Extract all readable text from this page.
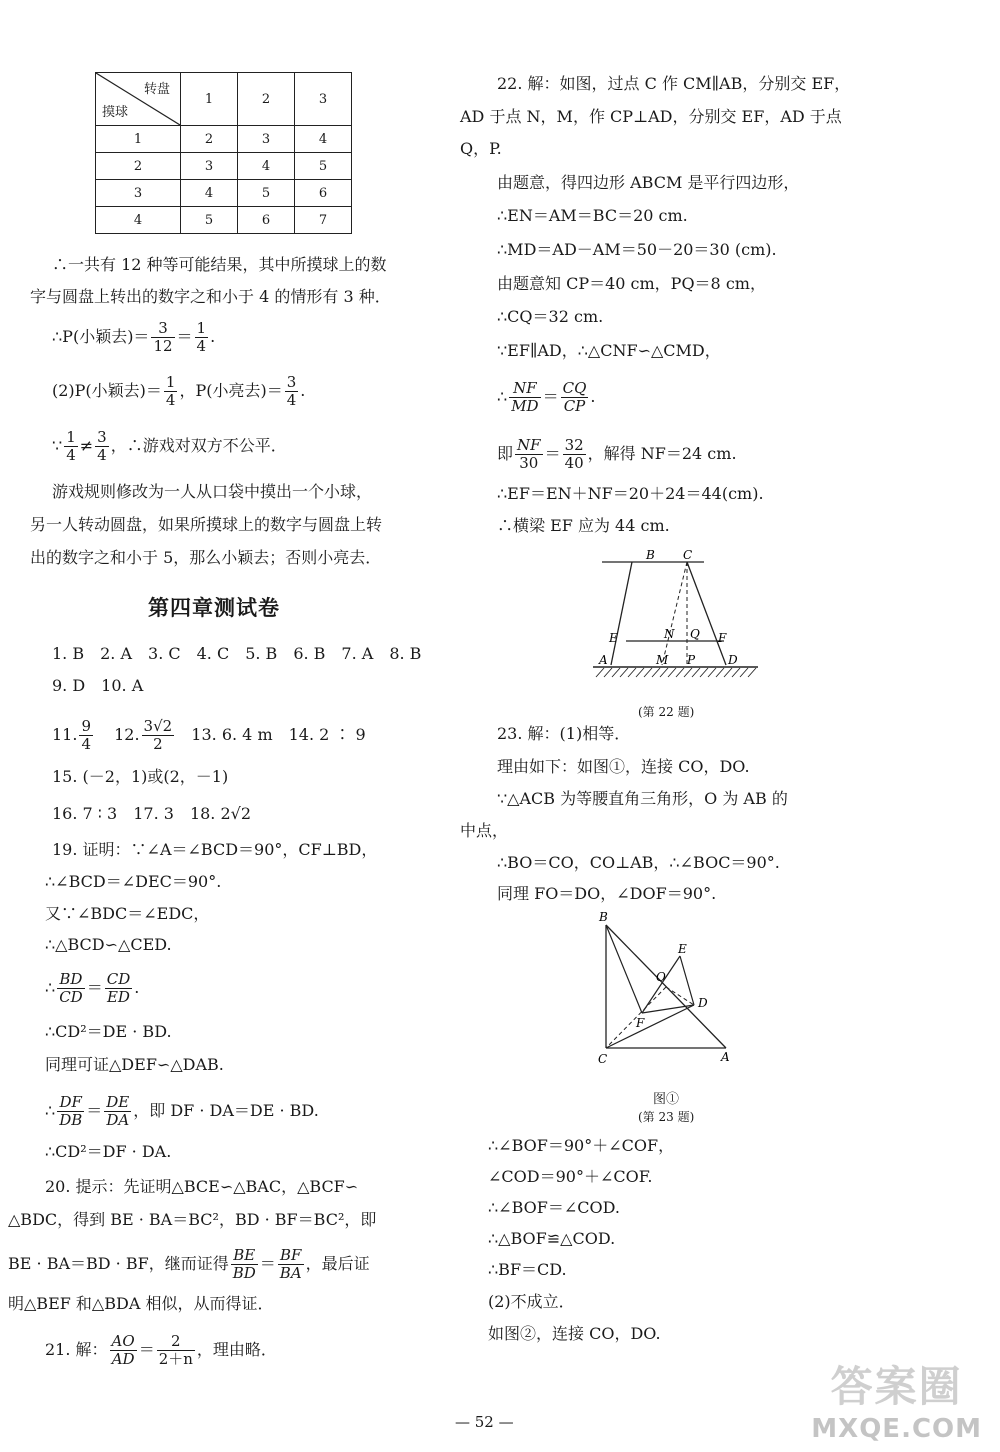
转盘
摸球	1	2	3
1	2	3	4
2	3	4	5
3	4	5	6
4	5	6	7
∴一共有 12 种等可能结果，其中所摸球上的数
字与圆盘上转出的数字之和小于 4 的情形有 3 种．
∴P(小颖去)＝ $\frac{3}{12} = \frac{1}{4}$ .
(2)P(小颖去)＝ $\frac{1}{4}$ ，P(小亮去)＝ $\frac{3}{4}$ .
∵ $\frac{1}{4} \ne \frac{3}{4}$ ，∴游戏对双方不公平．
游戏规则修改为一人从口袋中摸出一个小球，
另一人转动圆盘，如果所摸球上的数字与圆盘上转
出的数字之和小于 5，那么小颖去；否则小亮去．
第四章测试卷
1. B　2. A　3. C　4. C　5. B　6. B　7. A　8. B
9. D　10. A
11. $\frac{9}{4} 12$. $\frac{3√2}{2} 13$. 6. 4 m　14. 2 ∶ 9
15. (－2，1)或(2，－1)
16. 7 ∶ 3　17. 3　18. 2√2
19. 证明：∵∠A＝∠BCD＝90°，CF⊥BD，
∴∠BCD＝∠DEC＝90°.
又∵∠BDC＝∠EDC，
∴△BCD∽△CED.
∴ $\frac{BD}{CD} = \frac{CD}{ED}$ .
∴CD²＝DE · BD.
同理可证△DEF∽△DAB.
∴ $\frac{DF}{DB} = \frac{DE}{DA}$ ，即 DF · DA＝DE · BD.
∴CD²＝DF · DA.
20. 提示：先证明△BCE∽△BAC，△BCF∽
△BDC，得到 BE · BA＝BC²，BD · BF＝BC²，即
BE · BA＝BD · BF，继而证得 $\frac{BE}{BD} = \frac{BF}{BA}$ ，最后证
明△BEF 和△BDA 相似，从而得证．
21. 解： $\frac{AO}{AD} = \frac{2}{2+n}$ ，理由略．
22. 解：如图，过点 C 作 CM∥AB，分别交 EF，
AD 于点 N，M，作 CP⊥AD，分别交 EF，AD 于点
Q，P.
由题意，得四边形 ABCM 是平行四边形，
∴EN＝AM＝BC＝20 cm.
∴MD＝AD－AM＝50－20＝30 (cm).
由题意知 CP＝40 cm，PQ＝8 cm，
∴CQ＝32 cm.
∵EF∥AD，∴△CNF∽△CMD，
∴ $\frac{NF}{MD} = \frac{CQ}{CP}$ .
即 $\frac{NF}{30} = \frac{32}{40}$ ，解得 NF＝24 cm.
∴EF＝EN＋NF＝20＋24＝44(cm).
∴横梁 EF 应为 44 cm.
B C
E	N Q F
A	M P	D
(第 22 题)
23. 解：(1)相等．
理由如下：如图①，连接 CO，DO.
∵△ACB 为等腰直角三角形，O 为 AB 的
中点，
∴BO＝CO，CO⊥AB，∴∠BOC＝90°.
同理 FO＝DO，∠DOF＝90°.
B
E
O
D
F
C	A
图①
(第 23 题)
∴∠BOF＝90°＋∠COF，
∠COD＝90°＋∠COF.
∴∠BOF＝∠COD.
∴△BOF≌△COD.
∴BF＝CD.
(2)不成立．
如图②，连接 CO，DO.
— 52 —
答案圈
MXQE.COM
